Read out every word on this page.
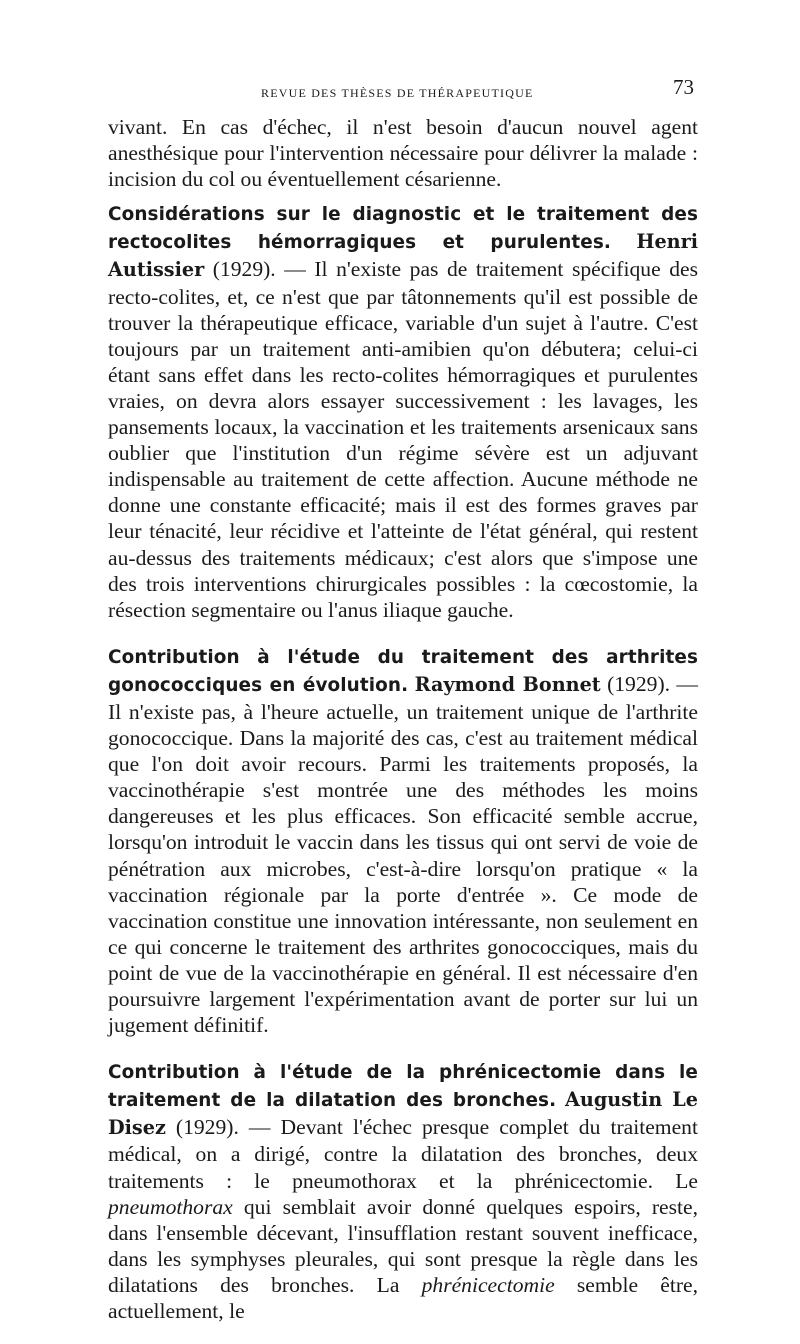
REVUE DES THÈSES DE THÉRAPEUTIQUE	73

vivant. En cas d'échec, il n'est besoin d'aucun nouvel agent anesthésique pour l'intervention nécessaire pour délivrer la malade : incision du col ou éventuellement césarienne.

Considérations sur le diagnostic et le traitement des rectocolites hémorragiques et purulentes. Henri Autissier (1929). — Il n'existe pas de traitement spécifique des recto-colites, et, ce n'est que par tâtonnements qu'il est possible de trouver la thérapeutique efficace, variable d'un sujet à l'autre. C'est toujours par un traitement anti-amibien qu'on débutera; celui-ci étant sans effet dans les recto-colites hémorragiques et purulentes vraies, on devra alors essayer successivement : les lavages, les pansements locaux, la vaccination et les traitements arsenicaux sans oublier que l'institution d'un régime sévère est un adjuvant indispensable au traitement de cette affection. Aucune méthode ne donne une constante efficacité; mais il est des formes graves par leur ténacité, leur récidive et l'atteinte de l'état général, qui restent au-dessus des traitements médicaux; c'est alors que s'impose une des trois interventions chirurgicales possibles : la cœcostomie, la résection segmentaire ou l'anus iliaque gauche.

Contribution à l'étude du traitement des arthrites gonococciques en évolution. Raymond Bonnet (1929). — Il n'existe pas, à l'heure actuelle, un traitement unique de l'arthrite gonococcique. Dans la majorité des cas, c'est au traitement médical que l'on doit avoir recours. Parmi les traitements proposés, la vaccinothérapie s'est montrée une des méthodes les moins dangereuses et les plus efficaces. Son efficacité semble accrue, lorsqu'on introduit le vaccin dans les tissus qui ont servi de voie de pénétration aux microbes, c'est-à-dire lorsqu'on pratique « la vaccination régionale par la porte d'entrée ». Ce mode de vaccination constitue une innovation intéressante, non seulement en ce qui concerne le traitement des arthrites gonococciques, mais du point de vue de la vaccinothérapie en général. Il est nécessaire d'en poursuivre largement l'expérimentation avant de porter sur lui un jugement définitif.

Contribution à l'étude de la phrénicectomie dans le traitement de la dilatation des bronches. Augustin Le Disez (1929). — Devant l'échec presque complet du traitement médical, on a dirigé, contre la dilatation des bronches, deux traitements : le pneumothorax et la phrénicectomie. Le pneumothorax qui semblait avoir donné quelques espoirs, reste, dans l'ensemble décevant, l'insufflation restant souvent inefficace, dans les symphyses pleurales, qui sont presque la règle dans les dilatations des bronches. La phrénicectomie semble être, actuellement, le
